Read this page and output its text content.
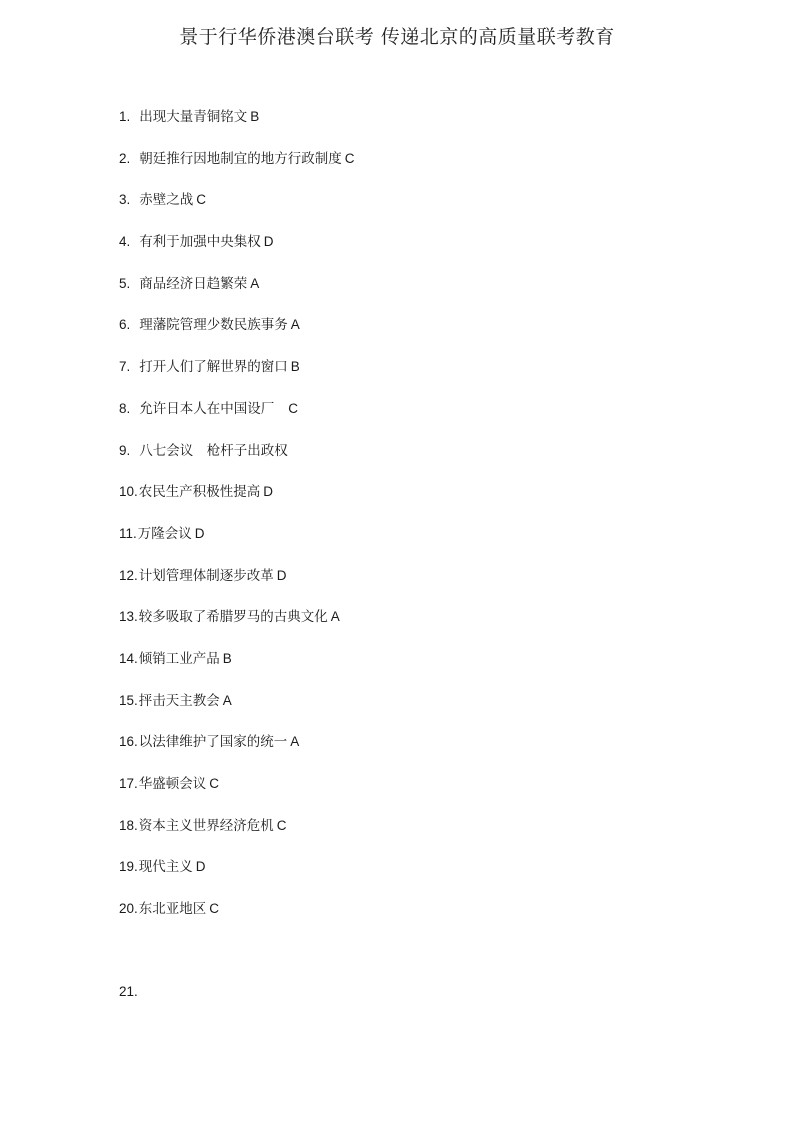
景于行华侨港澳台联考 传递北京的高质量联考教育
1. 出现大量青铜铭文 B
2. 朝廷推行因地制宜的地方行政制度 C
3. 赤壁之战 C
4. 有利于加强中央集权 D
5. 商品经济日趋繁荣 A
6. 理藩院管理少数民族事务 A
7. 打开人们了解世界的窗口 B
8. 允许日本人在中国设厂 C
9. 八七会议　枪杆子出政权
10.农民生产积极性提高 D
11.万隆会议 D
12.计划管理体制逐步改革 D
13.较多吸取了希腊罗马的古典文化 A
14.倾销工业产品 B
15.抨击天主教会 A
16.以法律维护了国家的统一 A
17.华盛顿会议 C
18.资本主义世界经济危机 C
19.现代主义 D
20.东北亚地区 C
21.
